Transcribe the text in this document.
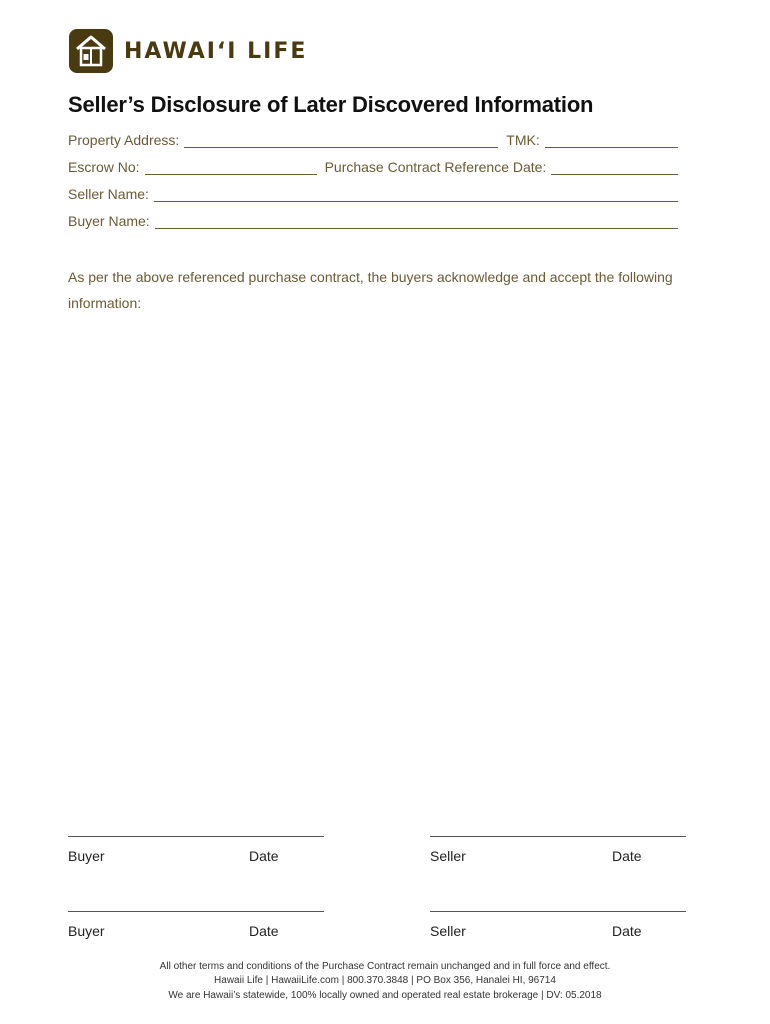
HAWAI‘I LIFE
Seller’s Disclosure of Later Discovered Information
Property Address:	TMK:
Escrow No:	Purchase Contract Reference Date:
Seller Name:
Buyer Name:

As per the above referenced purchase contract, the buyers acknowledge and accept the following information:

Buyer	Date	Seller	Date
Buyer	Date	Seller	Date
All other terms and conditions of the Purchase Contract remain unchanged and in full force and effect.
Hawaii Life | HawaiiLife.com | 800.370.3848 | PO Box 356, Hanalei HI, 96714
We are Hawaii’s statewide, 100% locally owned and operated real estate brokerage | DV: 05.2018
